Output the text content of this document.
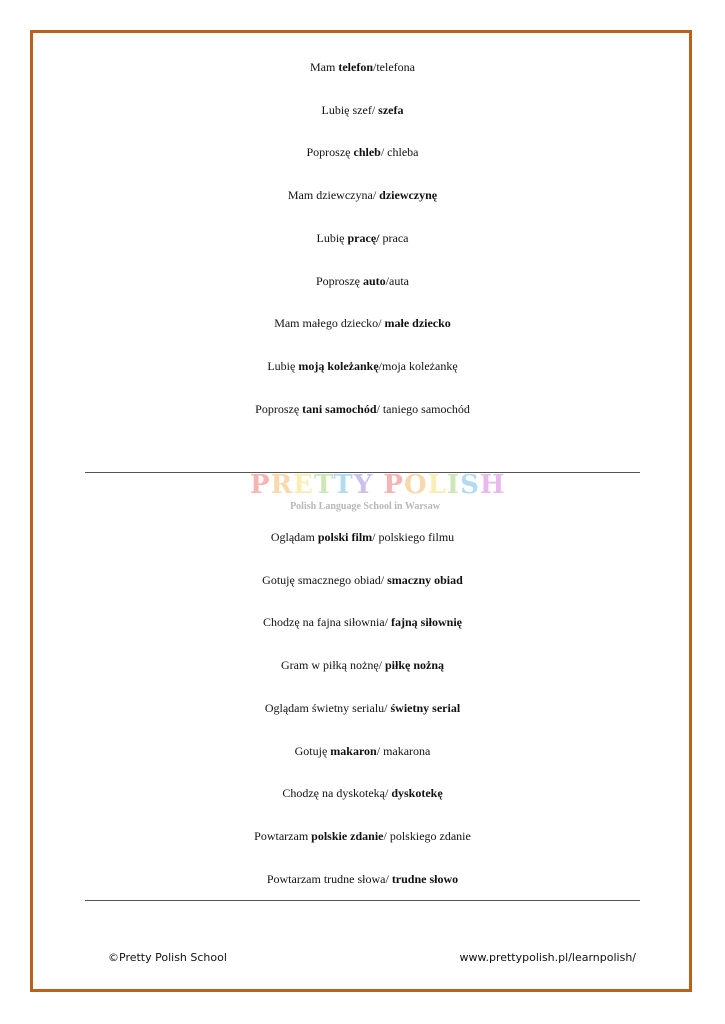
Mam telefon/telefona
Lubię szef/ szefa
Poproszę chleb/ chleba
Mam dziewczyna/ dziewczynę
Lubię pracę/ praca
Poproszę auto/auta
Mam małego dziecko/ małe dziecko
Lubię moją koleżankę/moja koleżankę
Poproszę tani samochód/ taniego samochód
PRETTY POLISH
Polish Language School in Warsaw
Oglądam polski film/ polskiego filmu
Gotuję smacznego obiad/ smaczny obiad
Chodzę na fajna siłownia/ fajną siłownię
Gram w piłką nożnę/ piłkę nożną
Oglądam świetny serialu/ świetny serial
Gotuję makaron/ makarona
Chodzę na dyskoteką/ dyskotekę
Powtarzam polskie zdanie/ polskiego zdanie
Powtarzam trudne słowa/ trudne słowo
©Pretty Polish School	www.prettypolish.pl/learnpolish/
